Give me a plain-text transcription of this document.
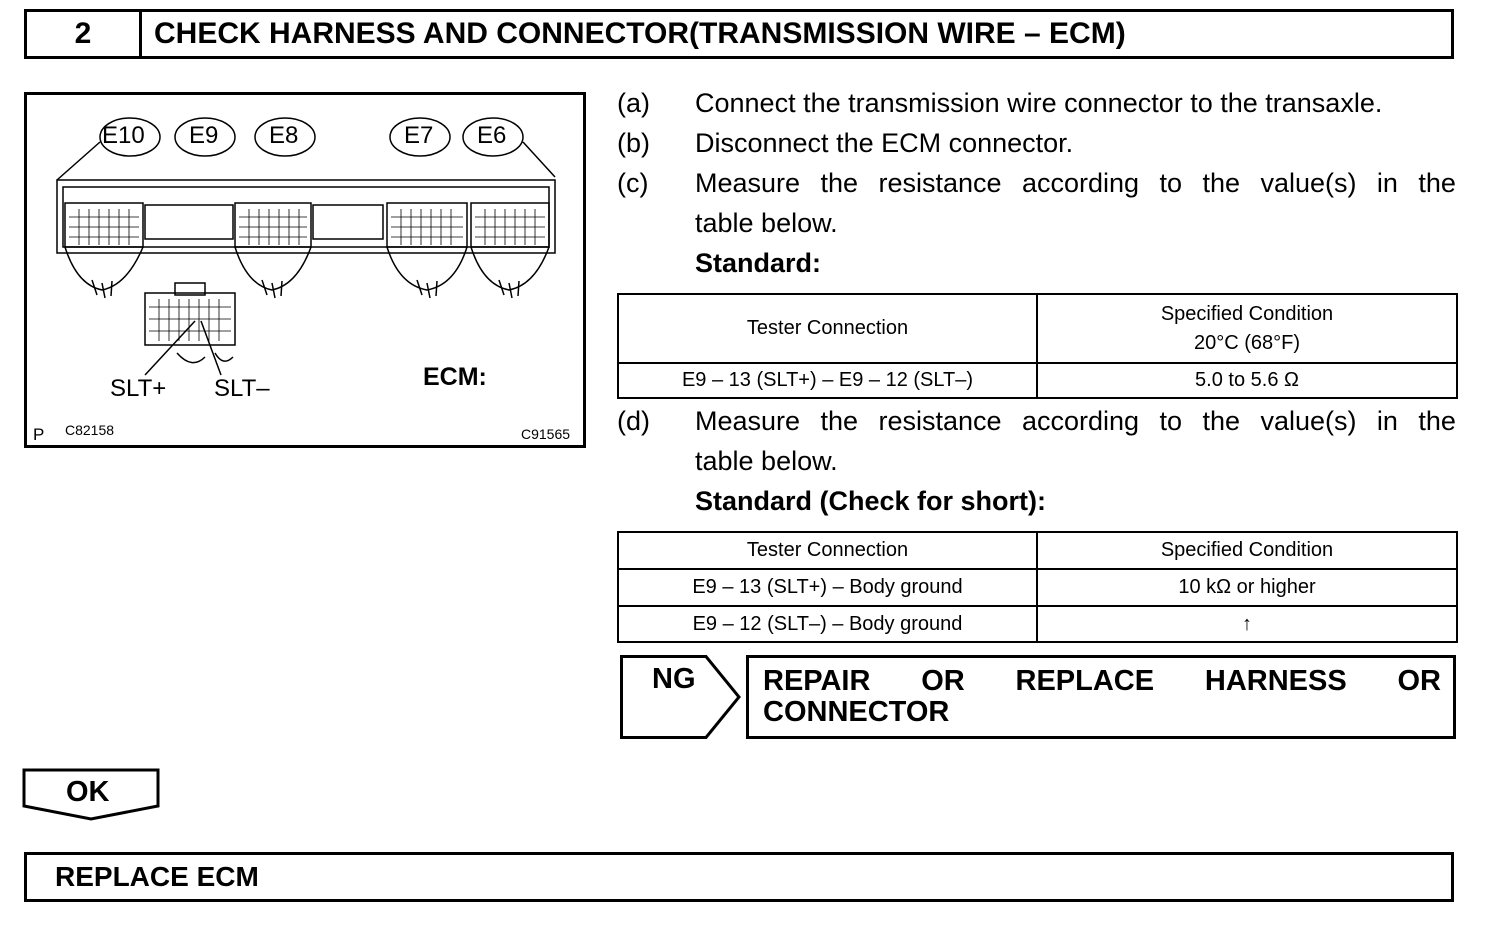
2	CHECK HARNESS AND CONNECTOR(TRANSMISSION WIRE – ECM)
E10 E9 E8	E7 E6
SLT+ SLT–	ECM:
P C82158	C91565
(a) Connect the transmission wire connector to the transaxle.
(b) Disconnect the ECM connector.
(c) Measure the resistance according to the value(s) in the
table below.
Standard:
Tester Connection	Specified Condition
20°C (68°F)

E9 – 13 (SLT+) – E9 – 12 (SLT–)	5.0 to 5.6 Ω
(d) Measure the resistance according to the value(s) in the
table below.
Standard (Check for short):
Tester Connection	Specified Condition
E9 – 13 (SLT+) – Body ground	10 kΩ or higher
E9 – 12 (SLT–) – Body ground	↑
NG REPAIR OR REPLACE HARNESS OR
CONNECTOR
OK
REPLACE ECM
